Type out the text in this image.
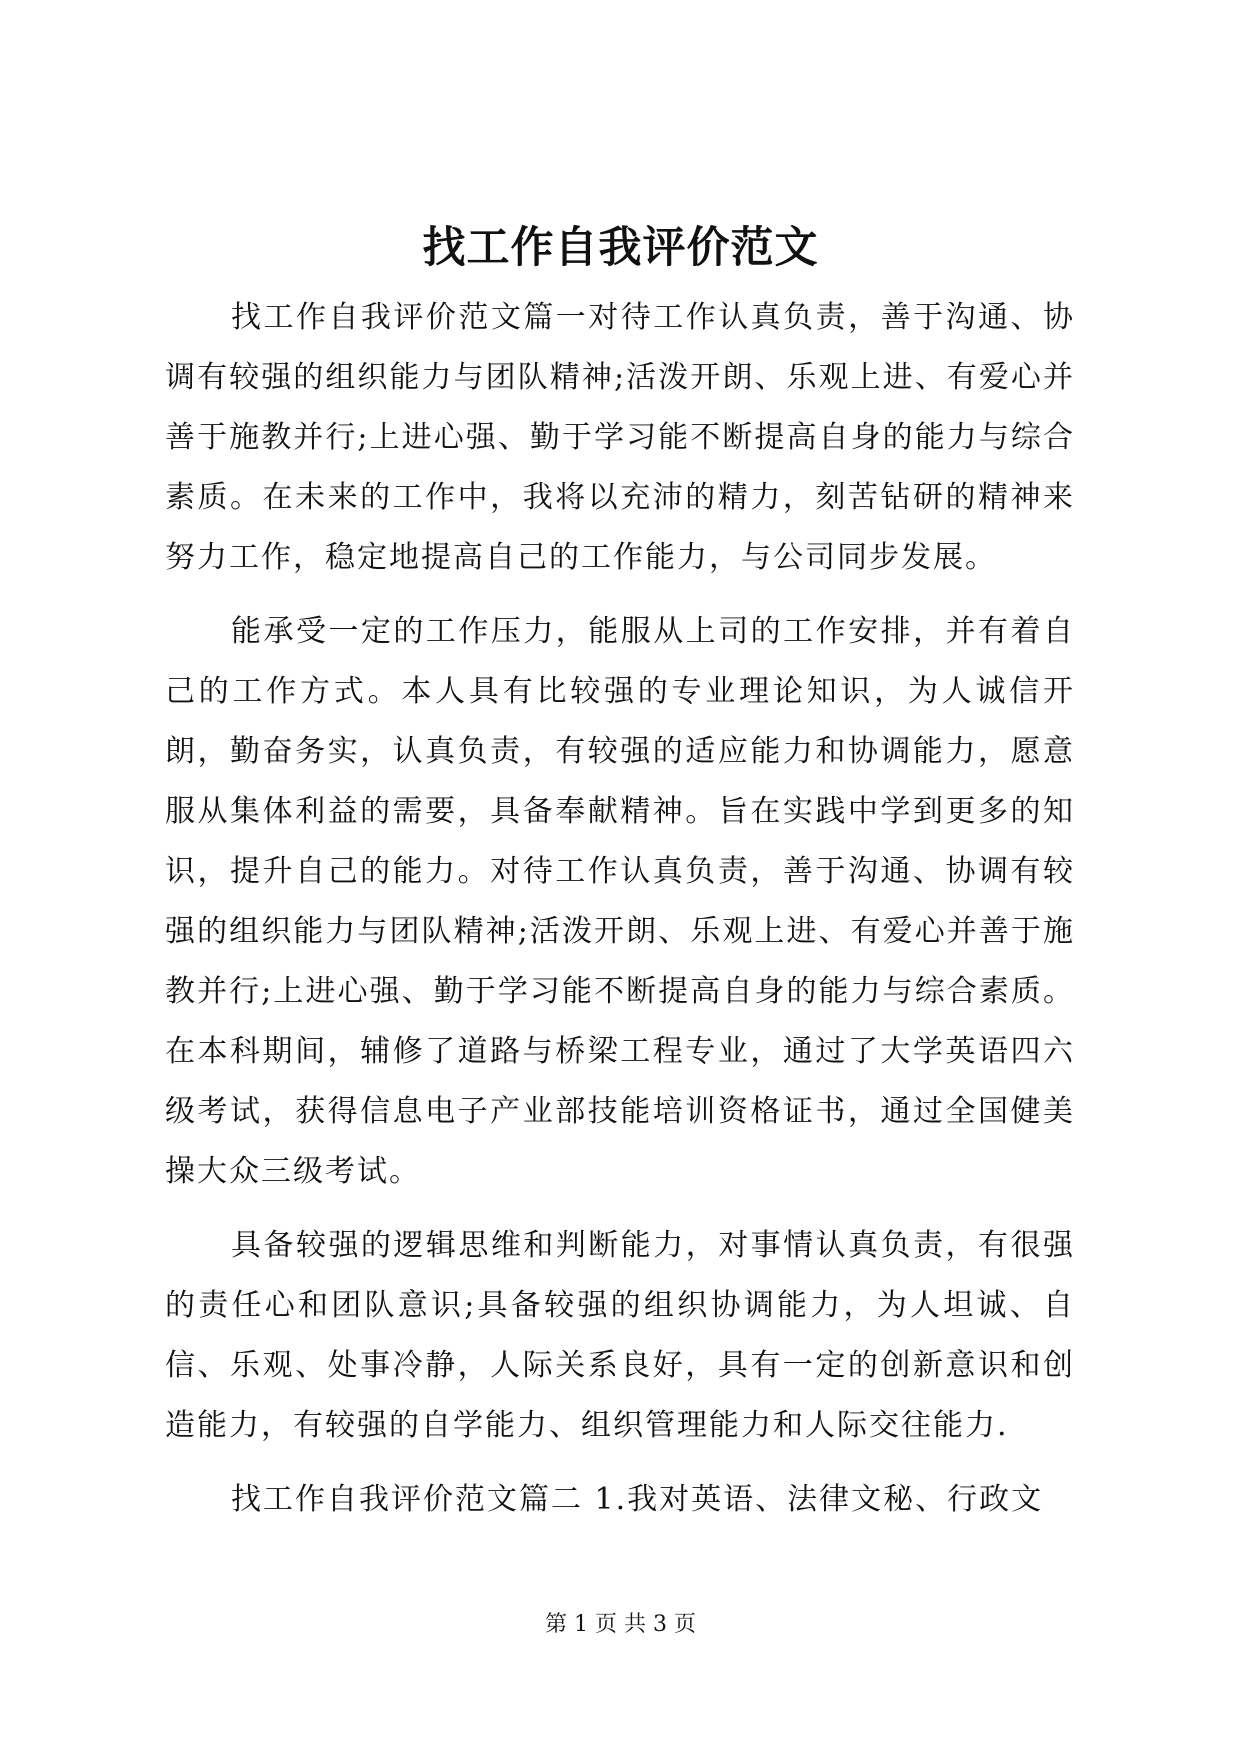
找工作自我评价范文

找工作自我评价范文篇一对待工作认真负责，善于沟通、协调有较强的组织能力与团队精神;活泼开朗、乐观上进、有爱心并善于施教并行;上进心强、勤于学习能不断提高自身的能力与综合素质。在未来的工作中，我将以充沛的精力，刻苦钻研的精神来努力工作，稳定地提高自己的工作能力，与公司同步发展。

能承受一定的工作压力，能服从上司的工作安排，并有着自己的工作方式。本人具有比较强的专业理论知识，为人诚信开朗，勤奋务实，认真负责，有较强的适应能力和协调能力，愿意服从集体利益的需要，具备奉献精神。旨在实践中学到更多的知识，提升自己的能力。对待工作认真负责，善于沟通、协调有较强的组织能力与团队精神;活泼开朗、乐观上进、有爱心并善于施教并行;上进心强、勤于学习能不断提高自身的能力与综合素质。在本科期间，辅修了道路与桥梁工程专业，通过了大学英语四六级考试，获得信息电子产业部技能培训资格证书，通过全国健美操大众三级考试。

具备较强的逻辑思维和判断能力，对事情认真负责，有很强的责任心和团队意识;具备较强的组织协调能力，为人坦诚、自信、乐观、处事冷静，人际关系良好，具有一定的创新意识和创造能力，有较强的自学能力、组织管理能力和人际交往能力.

找工作自我评价范文篇二 1.我对英语、法律文秘、行政文

第 1 页 共 3 页
